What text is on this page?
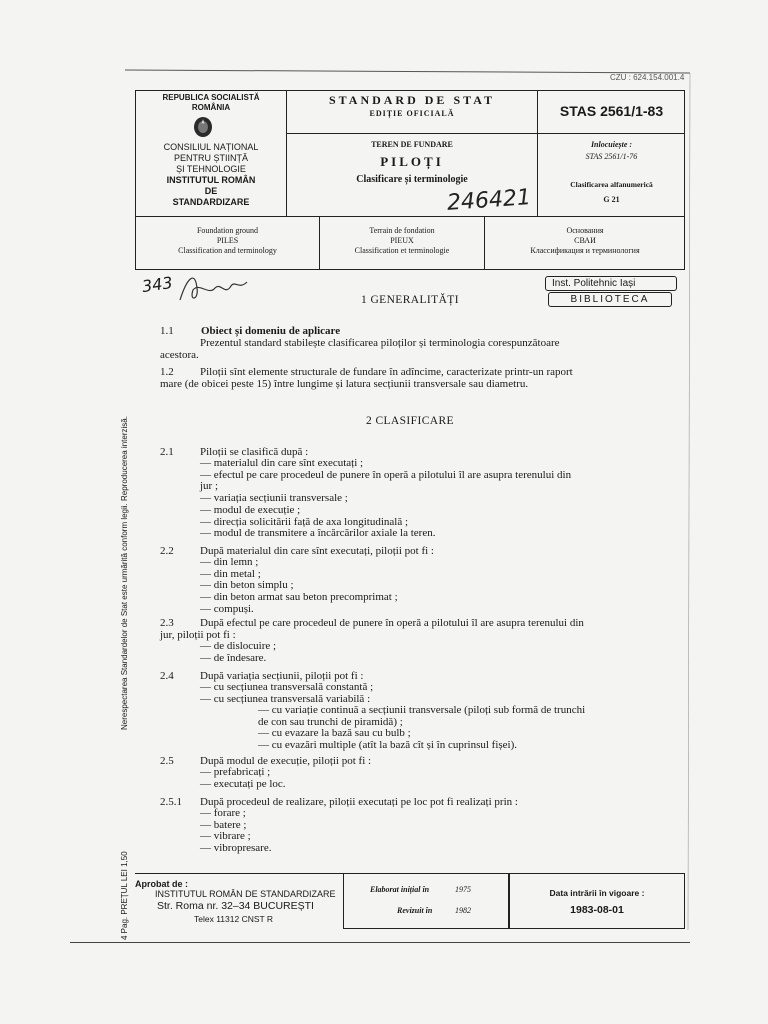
CZU : 624.154.001.4
REPUBLICA SOCIALISTĂ
ROMÂNIA
CONSILIUL NAȚIONAL
PENTRU ȘTIINȚĂ
ȘI TEHNOLOGIE
INSTITUTUL ROMÂN
DE
STANDARDIZARE
STANDARD DE STAT
EDIȚIE OFICIALĂ
TEREN DE FUNDARE
PILOȚI
Clasificare și terminologie
246421
STAS 2561/1-83
Inlocuiește :
STAS 2561/1-76
Clasificarea alfanumerică
G 21
Foundation ground
PILES
Classification and terminology
Terrain de fondation
PIEUX
Classification et terminologie
Основания
СВАИ
Классификация и терминология
343	Inst. Politehnic Iași
BIBLIOTECA
1 GENERALITĂȚI
1.1 Obiect și domeniu de aplicare
Prezentul standard stabilește clasificarea piloților și terminologia corespunzătoare
acestora.
1.2 Piloții sînt elemente structurale de fundare în adîncime, caracterizate printr-un raport
mare (de obicei peste 15) între lungime și latura secțiunii transversale sau diametru.
2 CLASIFICARE
2.1 Piloții se clasifică după :
— materialul din care sînt executați ;
— efectul pe care procedeul de punere în operă a pilotului îl are asupra terenului din
jur ;
— variația secțiunii transversale ;
— modul de execuție ;
— direcția solicitării față de axa longitudinală ;
— modul de transmitere a încărcărilor axiale la teren.
2.2 După materialul din care sînt executați, piloții pot fi :
— din lemn ;
— din metal ;
— din beton simplu ;
— din beton armat sau beton precomprimat ;
— compuși.
2.3 După efectul pe care procedeul de punere în operă a pilotului îl are asupra terenului din
jur, piloții pot fi :
— de dislocuire ;
— de îndesare.
2.4 După variația secțiunii, piloții pot fi :
— cu secțiunea transversală constantă ;
— cu secțiunea transversală variabilă :
— cu variație continuă a secțiunii transversale (piloți sub formă de trunchi
de con sau trunchi de piramidă) ;
— cu evazare la bază sau cu bulb ;
— cu evazări multiple (atît la bază cît și în cuprinsul fișei).
2.5 După modul de execuție, piloții pot fi :
— prefabricați ;
— executați pe loc.
2.5.1 După procedeul de realizare, piloții executați pe loc pot fi realizați prin :
— forare ;
— batere ;
— vibrare ;
— vibropresare.
Aprobat de :
INSTITUTUL ROMÂN DE STANDARDIZARE
Str. Roma nr. 32–34 BUCUREȘTI
Telex 11312 CNST R
Elaborat inițial în	1975
Revizuit în	1982
Data intrării în vigoare :
1983-08-01
Nerespectarea Standardelor de Stat este urmărită conform legii. Reproducerea interzisă.
4 Pag. PREȚUL LEI 1,50
